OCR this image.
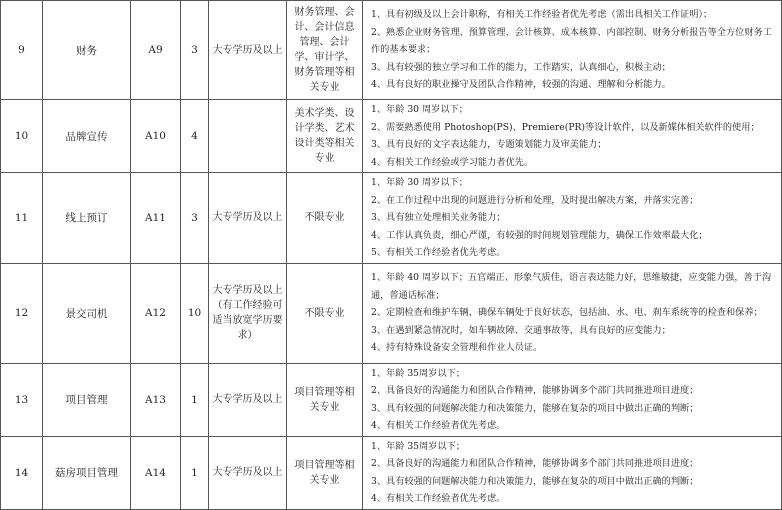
9	财务	A9	3	大专学历及以上	财务管理、会计、会计信息管理、会计学、审计学、财务管理等相关专业	1、具有初级及以上会计职称，有相关工作经验者优先考虑（需出具相关工作证明）；
2、熟悉企业财务管理、预算管理、会计核算、成本核算、内部控制、财务分析报告等全方位财务工作的基本要求；
3、具有较强的独立学习和工作的能力，工作踏实，认真细心，积极主动；
4、具有良好的职业操守及团队合作精神，较强的沟通、理解和分析能力。

10	品牌宣传	A10	4		美术学类、设计学类、艺术设计类等相关专业	1、年龄 30 周岁以下；
2、需要熟悉使用 Photoshop(PS)、Premiere(PR)等设计软件，以及新媒体相关软件的使用；
3、具有良好的文字表达能力，专题策划能力及审美能力；
4、有相关工作经验或学习能力者优先。

11	线上预订	A11	3	大专学历及以上	不限专业	1、年龄 30 周岁以下；
2、在工作过程中出现的问题进行分析和处理，及时提出解决方案，并落实完善；
3、具有独立处理相关业务能力；
4、工作认真负责，细心严谨，有较强的时间规划管理能力，确保工作效率最大化；
5、有相关工作经验者优先考虑。

12	景交司机	A12	10	大专学历及以上（有工作经验可适当放宽学历要求）	不限专业	1、年龄 40 周岁以下；五官端正、形象气质佳，语言表达能力好，思维敏捷，应变能力强，善于沟通，普通话标准；
2、定期检查和维护车辆，确保车辆处于良好状态，包括油、水、电、刹车系统等的检查和保养；
3、在遇到紧急情况时，如车辆故障、交通事故等，具有良好的应变能力；
4、持有特殊设备安全管理和作业人员证。

13	项目管理	A13	1	大专学历及以上	项目管理等相关专业	1、年龄 35周岁以下；
2、具备良好的沟通能力和团队合作精神，能够协调多个部门共同推进项目进度；
3、具有较强的问题解决能力和决策能力，能够在复杂的项目中做出正确的判断；
4、有相关工作经验者优先考虑。

14	菇房项目管理	A14	1	大专学历及以上	项目管理等相关专业	1、年龄 35周岁以下；
2、具备良好的沟通能力和团队合作精神，能够协调多个部门共同推进项目进度；
3、具有较强的问题解决能力和决策能力，能够在复杂的项目中做出正确的判断；
4、有相关工作经验者优先考虑。
